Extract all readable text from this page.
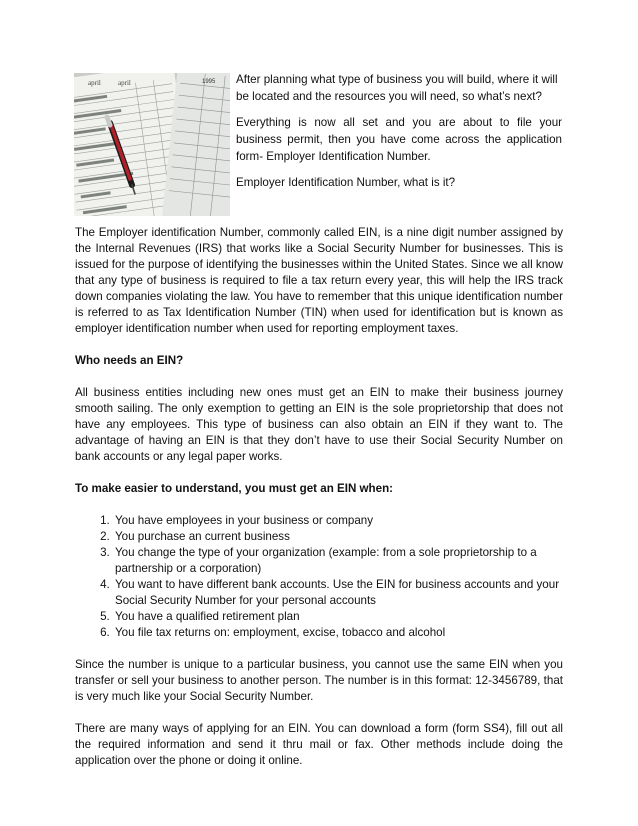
april april	1995 After planning what type of business you will build, where it will be located and the resources you will need, so what’s next?

Everything is now all set and you are about to file your business permit, then you have come across the application form- Employer Identification Number.

Employer Identification Number, what is it?

The Employer identification Number, commonly called EIN, is a nine digit number assigned by the Internal Revenues (IRS) that works like a Social Security Number for businesses. This is issued for the purpose of identifying the businesses within the United States. Since we all know that any type of business is required to file a tax return every year, this will help the IRS track down companies violating the law. You have to remember that this unique identification number is referred to as Tax Identification Number (TIN) when used for identification but is known as employer identification number when used for reporting employment taxes.

Who needs an EIN?

All business entities including new ones must get an EIN to make their business journey smooth sailing. The only exemption to getting an EIN is the sole proprietorship that does not have any employees. This type of business can also obtain an EIN if they want to. The advantage of having an EIN is that they don’t have to use their Social Security Number on bank accounts or any legal paper works.

To make easier to understand, you must get an EIN when:
1. You have employees in your business or company
2. You purchase an current business
3. You change the type of your organization (example: from a sole proprietorship to a partnership or a corporation)
4. You want to have different bank accounts. Use the EIN for business accounts and your Social Security Number for your personal accounts
5. You have a qualified retirement plan
6. You file tax returns on: employment, excise, tobacco and alcohol

Since the number is unique to a particular business, you cannot use the same EIN when you transfer or sell your business to another person. The number is in this format: 12-3456789, that is very much like your Social Security Number.

There are many ways of applying for an EIN. You can download a form (form SS4), fill out all the required information and send it thru mail or fax. Other methods include doing the application over the phone or doing it online.
